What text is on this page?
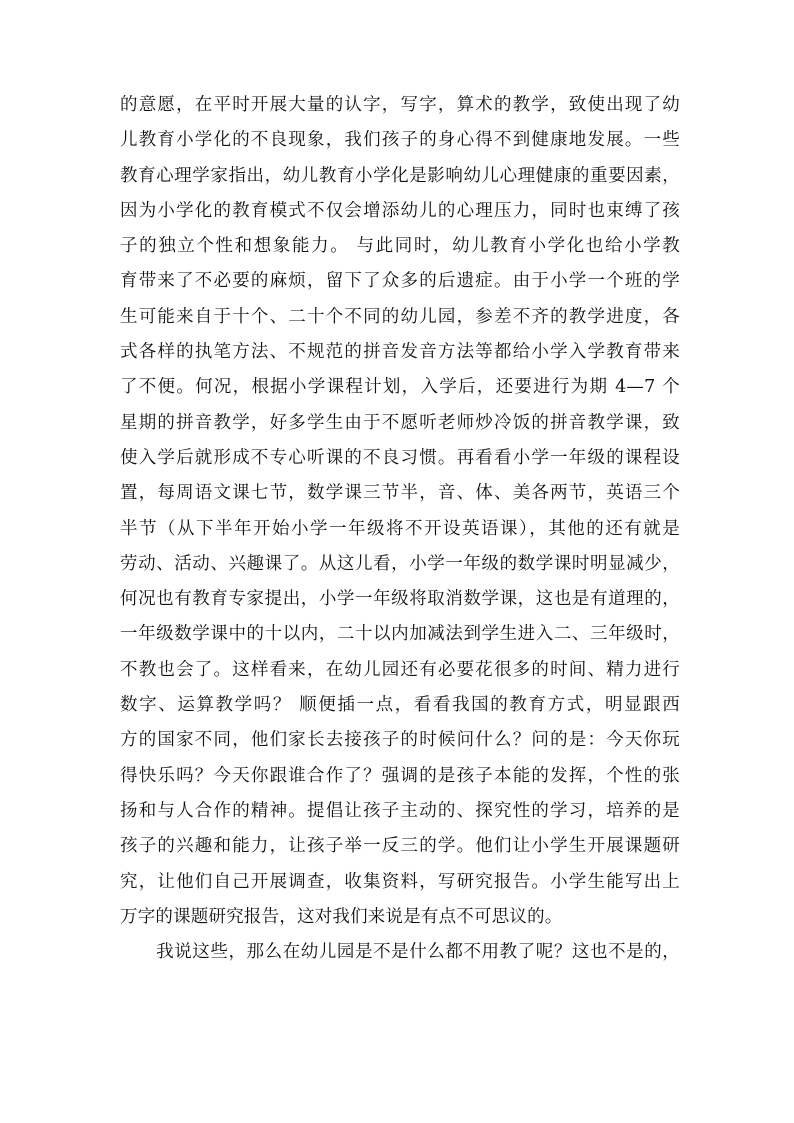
的意愿，在平时开展大量的认字，写字，算术的教学，致使出现了幼
儿教育小学化的不良现象，我们孩子的身心得不到健康地发展。一些
教育心理学家指出，幼儿教育小学化是影响幼儿心理健康的重要因素，
因为小学化的教育模式不仅会增添幼儿的心理压力，同时也束缚了孩
子的独立个性和想象能力。 与此同时，幼儿教育小学化也给小学教
育带来了不必要的麻烦，留下了众多的后遗症。由于小学一个班的学
生可能来自于十个、二十个不同的幼儿园，参差不齐的教学进度，各
式各样的执笔方法、不规范的拼音发音方法等都给小学入学教育带来
了不便。何况，根据小学课程计划，入学后，还要进行为期 4—7 个
星期的拼音教学，好多学生由于不愿听老师炒冷饭的拼音教学课，致
使入学后就形成不专心听课的不良习惯。再看看小学一年级的课程设
置，每周语文课七节，数学课三节半，音、体、美各两节，英语三个
半节（从下半年开始小学一年级将不开设英语课），其他的还有就是
劳动、活动、兴趣课了。从这儿看，小学一年级的数学课时明显减少，
何况也有教育专家提出，小学一年级将取消数学课，这也是有道理的，
一年级数学课中的十以内，二十以内加减法到学生进入二、三年级时，
不教也会了。这样看来，在幼儿园还有必要花很多的时间、精力进行
数字、运算教学吗？ 顺便插一点，看看我国的教育方式，明显跟西
方的国家不同，他们家长去接孩子的时候问什么？问的是：今天你玩
得快乐吗？今天你跟谁合作了？强调的是孩子本能的发挥，个性的张
扬和与人合作的精神。提倡让孩子主动的、探究性的学习，培养的是
孩子的兴趣和能力，让孩子举一反三的学。他们让小学生开展课题研
究，让他们自己开展调查，收集资料，写研究报告。小学生能写出上
万字的课题研究报告，这对我们来说是有点不可思议的。
　　我说这些，那么在幼儿园是不是什么都不用教了呢？这也不是的，
